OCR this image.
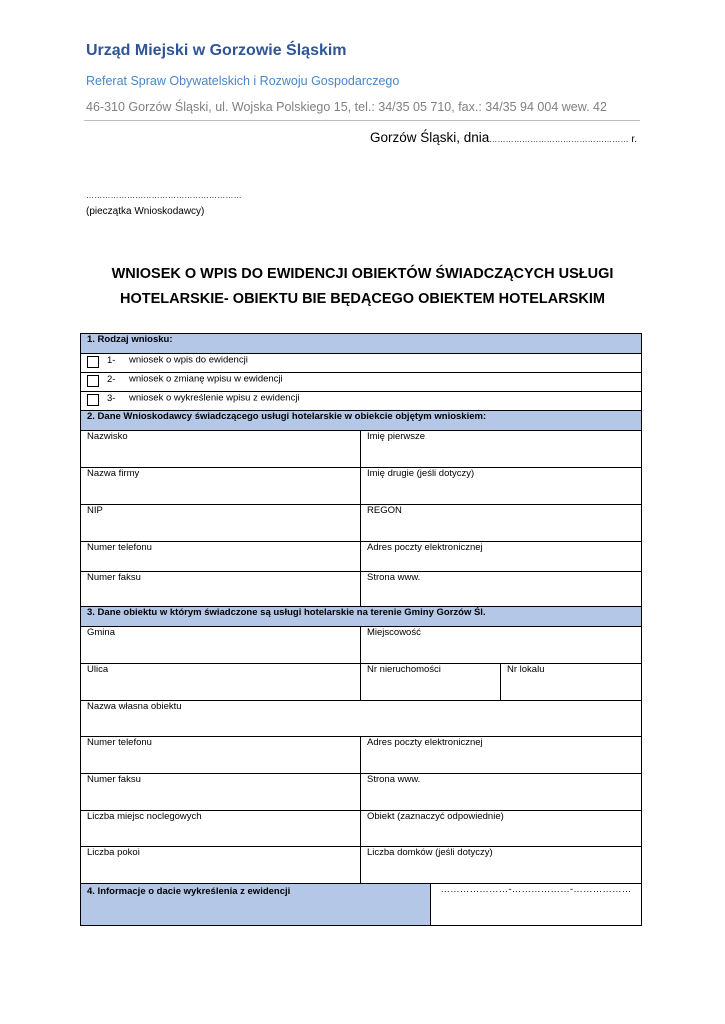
Urząd Miejski w Gorzowie Śląskim
Referat Spraw Obywatelskich i Rozwoju Gospodarczego
46-310 Gorzów Śląski, ul. Wojska Polskiego 15, tel.: 34/35 05 710, fax.: 34/35 94 004 wew. 42
Gorzów Śląski, dnia…………………………………………… r.
…………………………………………………
(pieczątka Wnioskodawcy)
WNIOSEK O WPIS DO EWIDENCJI OBIEKTÓW ŚWIADCZĄCYCH USŁUGI
HOTELARSKIE- OBIEKTU BIE BĘDĄCEGO OBIEKTEM HOTELARSKIM
1. Rodzaj wniosku:			
1- wniosek o wpis do ewidencji			
2- wniosek o zmianę wpisu w ewidencji			
3- wniosek o wykreślenie wpisu z ewidencji			
2. Dane Wnioskodawcy świadczącego usługi hotelarskie w obiekcie objętym wnioskiem:			
Nazwisko	Imię pierwsze		
Nazwa firmy	Imię drugie (jeśli dotyczy)		
NIP	REGON		
Numer telefonu	Adres poczty elektronicznej		
Numer faksu	Strona www.		
3. Dane obiektu w którym świadczone są usługi hotelarskie na terenie Gminy Gorzów Śl.			
Gmina	Miejscowość		
Ulica	Nr nieruchomości		Nr lokalu
Nazwa własna obiektu			
Numer telefonu	Adres poczty elektronicznej		
Numer faksu	Strona www.		
Liczba miejsc noclegowych	Obiekt (zaznaczyć odpowiednie)		
Liczba pokoi	Liczba domków (jeśli dotyczy)		
4. Informacje o dacie wykreślenia z ewidencji		…………………-………………-………………	
